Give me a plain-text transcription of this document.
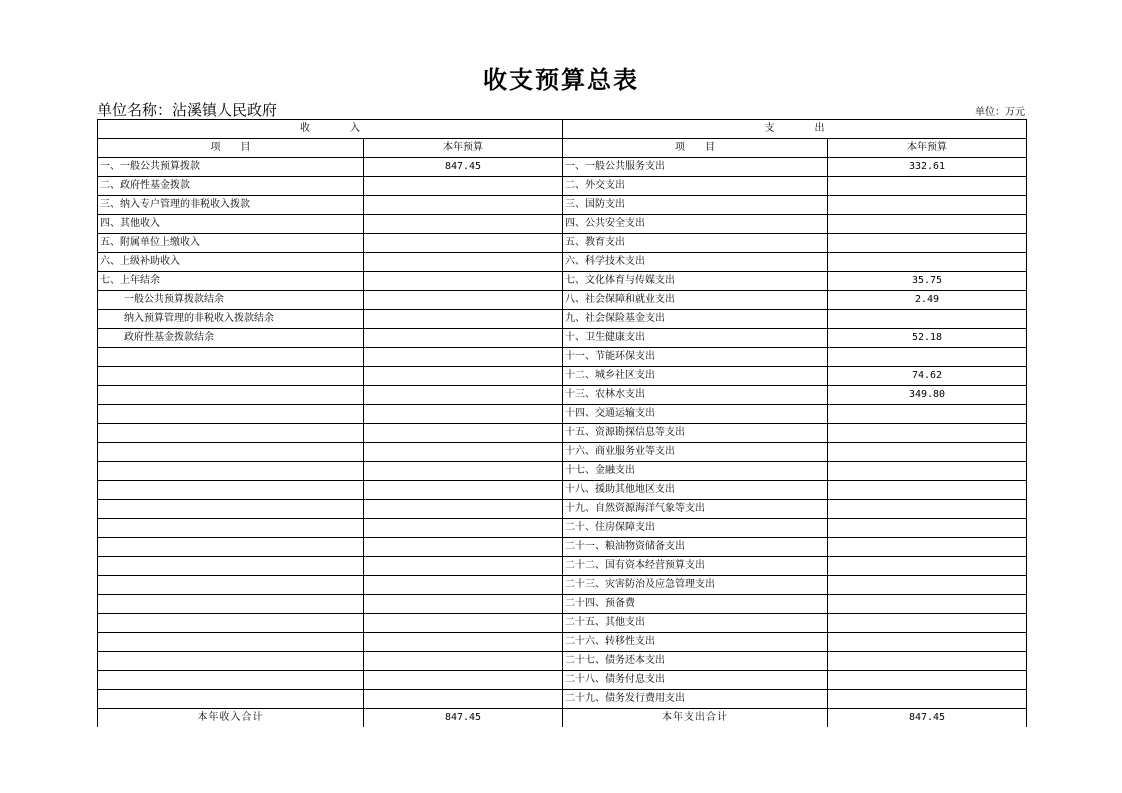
收支预算总表
单位名称：沾溪镇人民政府	单位：万元
收　　　　入		支　　　　出	
项　　目	本年预算	项　　目	本年预算
一、一般公共预算拨款	847.45	一、一般公共服务支出	332.61
二、政府性基金拨款		二、外交支出	
三、纳入专户管理的非税收入拨款		三、国防支出	
四、其他收入		四、公共安全支出	
五、附属单位上缴收入		五、教育支出	
六、上级补助收入		六、科学技术支出	
七、上年结余		七、文化体育与传媒支出	35.75
一般公共预算拨款结余		八、社会保障和就业支出	2.49
纳入预算管理的非税收入拨款结余		九、社会保险基金支出	
政府性基金拨款结余		十、卫生健康支出	52.18
		十一、节能环保支出	
		十二、城乡社区支出	74.62
		十三、农林水支出	349.80
		十四、交通运输支出	
		十五、资源勘探信息等支出	
		十六、商业服务业等支出	
		十七、金融支出	
		十八、援助其他地区支出	
		十九、自然资源海洋气象等支出	
		二十、住房保障支出	
		二十一、粮油物资储备支出	
		二十二、国有资本经营预算支出	
		二十三、灾害防治及应急管理支出	
		二十四、预备费	
		二十五、其他支出	
		二十六、转移性支出	
		二十七、债务还本支出	
		二十八、债务付息支出	
		二十九、债务发行费用支出	
本年收入合计	847.45	本年支出合计	847.45
